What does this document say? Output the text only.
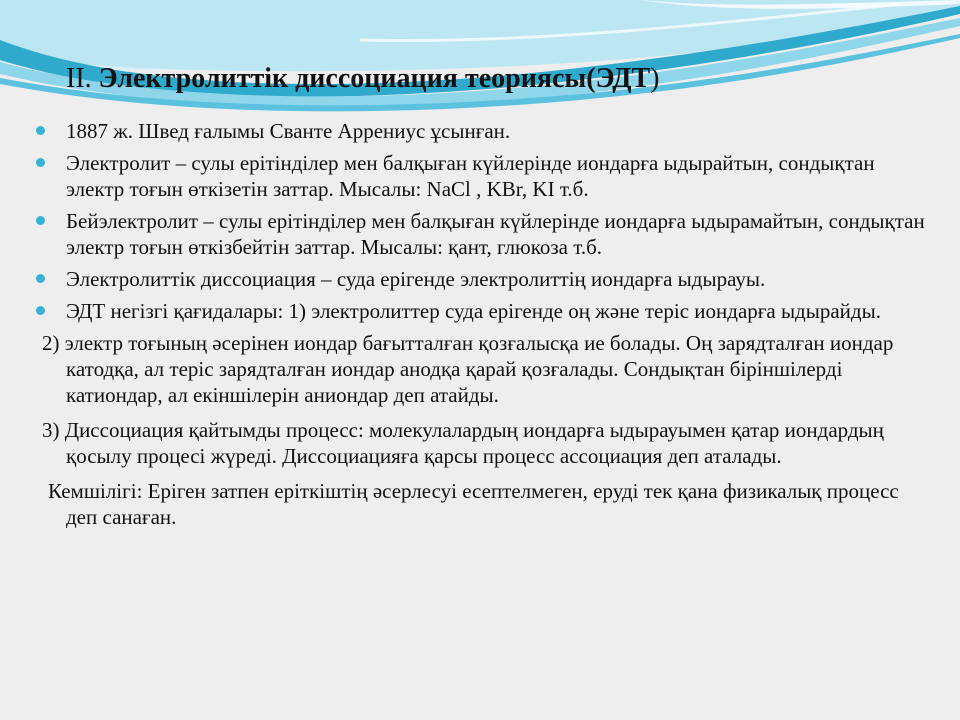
II. Электролиттік диссоциация теориясы(ЭДТ)
1887 ж. Швед ғалымы Сванте Аррениус ұсынған.
Электролит – сулы ерітінділер мен балқыған күйлерінде иондарға ыдырайтын, сондықтан электр тоғын өткізетін заттар. Мысалы: NaCl , KBr, KI т.б.
Бейэлектролит – сулы ерітінділер мен балқыған күйлерінде иондарға ыдырамайтын, сондықтан электр тоғын өткізбейтін заттар. Мысалы: қант, глюкоза т.б.
Электролиттік диссоциация – суда ерігенде электролиттің иондарға ыдырауы.
ЭДТ негізгі қағидалары: 1) электролиттер суда ерігенде оң және теріс иондарға ыдырайды.

2) электр тоғының әсерінен иондар бағытталған қозғалысқа ие болады. Оң зарядталған иондар катодқа, ал теріс зарядталған иондар анодқа қарай қозғалады. Сондықтан біріншілерді катиондар, ал екіншілерін аниондар деп атайды.

3) Диссоциация қайтымды процесс: молекулалардың иондарға ыдырауымен қатар иондардың қосылу процесі жүреді. Диссоциацияға қарсы процесс ассоциация деп аталады.

Кемшілігі: Еріген затпен еріткіштің әсерлесуі есептелмеген, еруді тек қана физикалық процесс деп санаған.
